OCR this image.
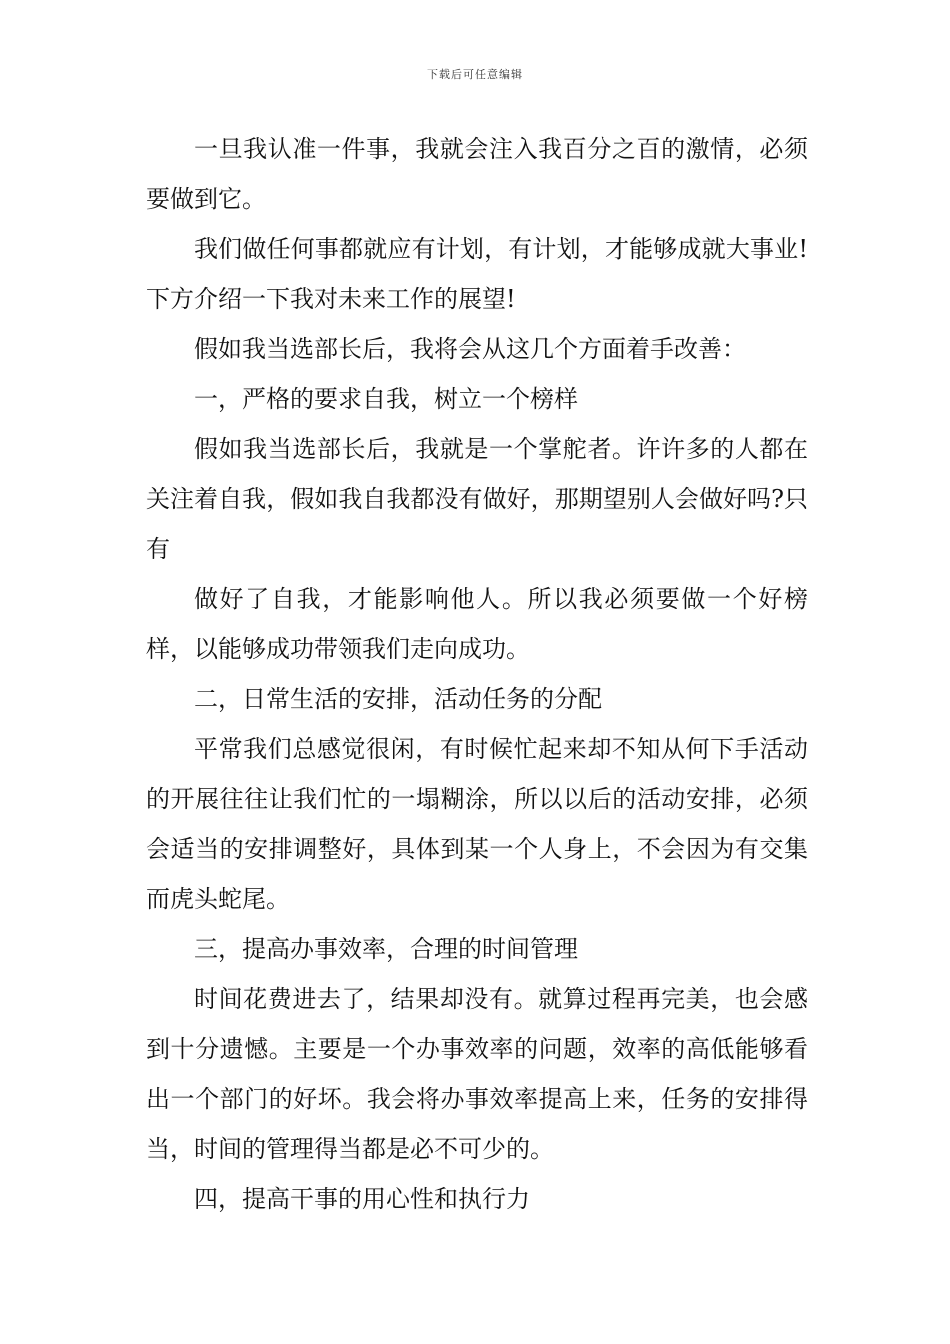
下载后可任意编辑

一旦我认准一件事，我就会注入我百分之百的激情，必须要做到它。

我们做任何事都就应有计划，有计划，才能够成就大事业!下方介绍一下我对未来工作的展望!

假如我当选部长后，我将会从这几个方面着手改善：

一，严格的要求自我，树立一个榜样

假如我当选部长后，我就是一个掌舵者。许许多的人都在关注着自我，假如我自我都没有做好，那期望别人会做好吗?只有

做好了自我，才能影响他人。所以我必须要做一个好榜样，以能够成功带领我们走向成功。

二，日常生活的安排，活动任务的分配

平常我们总感觉很闲，有时候忙起来却不知从何下手活动的开展往往让我们忙的一塌糊涂，所以以后的活动安排，必须会适当的安排调整好，具体到某一个人身上，不会因为有交集而虎头蛇尾。

三，提高办事效率，合理的时间管理

时间花费进去了，结果却没有。就算过程再完美，也会感到十分遗憾。主要是一个办事效率的问题，效率的高低能够看出一个部门的好坏。我会将办事效率提高上来，任务的安排得当，时间的管理得当都是必不可少的。

四，提高干事的用心性和执行力
